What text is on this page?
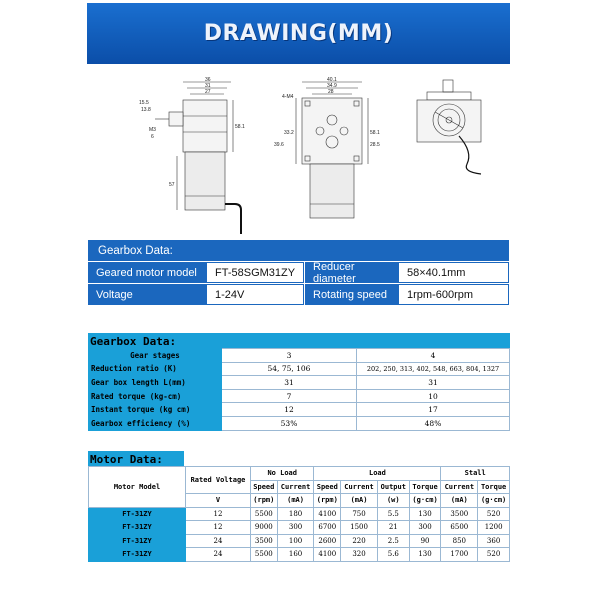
DRAWING(MM)
36
31
27
15.5
13.8
M3
6
58.1
57
40.1
34.9
28
4-M4
33.2
39.6
58.1
28.5
Gearbox Data:
Geared motor model	FT-58SGM31ZY	Reducer diameter	58×40.1mm
Voltage	1-24V	Rotating speed	1rpm-600rpm
Gearbox Data:
Gear stages	3	4
Reduction ratio (K)	54, 75, 106	202, 250, 313, 402, 548, 663, 804, 1327
Gear box length L(mm)	31	31
Rated torque (kg-cm)	7	10
Instant torque (kg cm)	12	17
Gearbox efficiency (%)	53%	48%
Motor Data:
Motor Model	Rated Voltage	No Load		Load				Stall	
		Speed	Current	Speed	Current	Output	Torque	Current	Torque
	V	(rpm)	(mA)	(rpm)	(mA)	(w)	(g·cm)	(mA)	(g·cm)
FT-31ZY	12	5500	180	4100	750	5.5	130	3500	520
FT-31ZY	12	9000	300	6700	1500	21	300	6500	1200
FT-31ZY	24	3500	100	2600	220	2.5	90	850	360
FT-31ZY	24	5500	160	4100	320	5.6	130	1700	520
